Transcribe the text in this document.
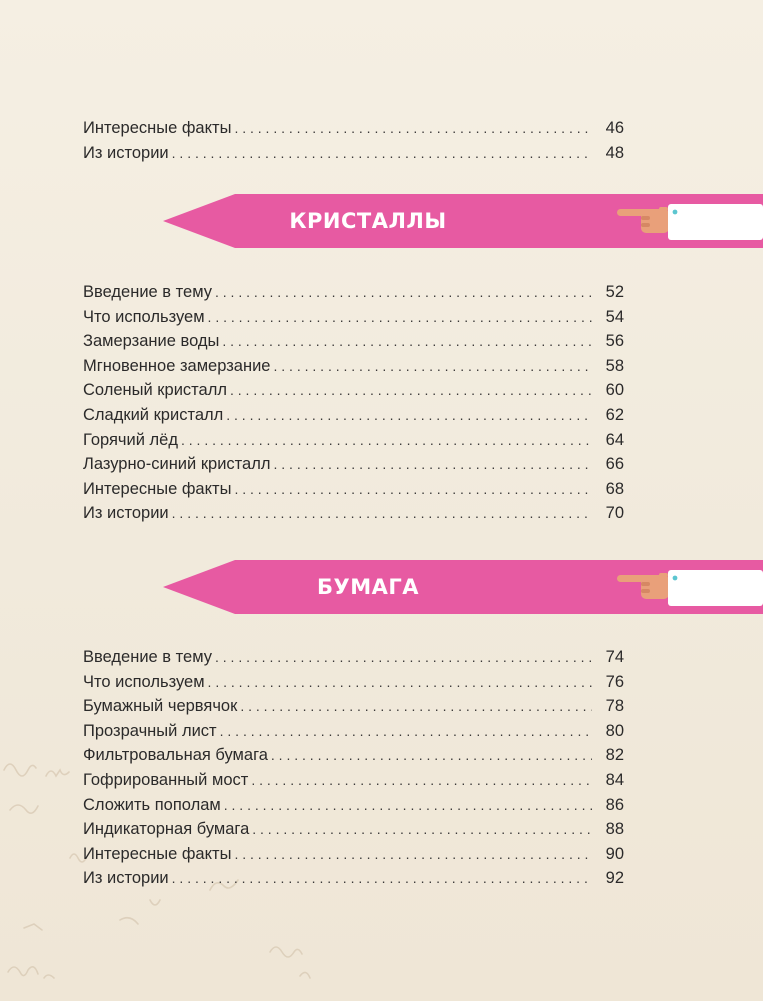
Интересные факты . . .	46
Из истории . . .	48
КРИСТАЛЛЫ
Введение в тему . . .	52
Что используем . . .	54
Замерзание воды . . .	56
Мгновенное замерзание . . .	58
Соленый кристалл . . .	60
Сладкий кристалл . . .	62
Горячий лёд . . .	64
Лазурно-синий кристалл . . .	66
Интересные факты . . .	68
Из истории . . .	70
БУМАГА
Введение в тему . . .	74
Что используем . . .	76
Бумажный червячок . . .	78
Прозрачный лист . . .	80
Фильтровальная бумага . . .	82
Гофрированный мост . . .	84
Сложить пополам . . .	86
Индикаторная бумага . . .	88
Интересные факты . . .	90
Из истории . . .	92
